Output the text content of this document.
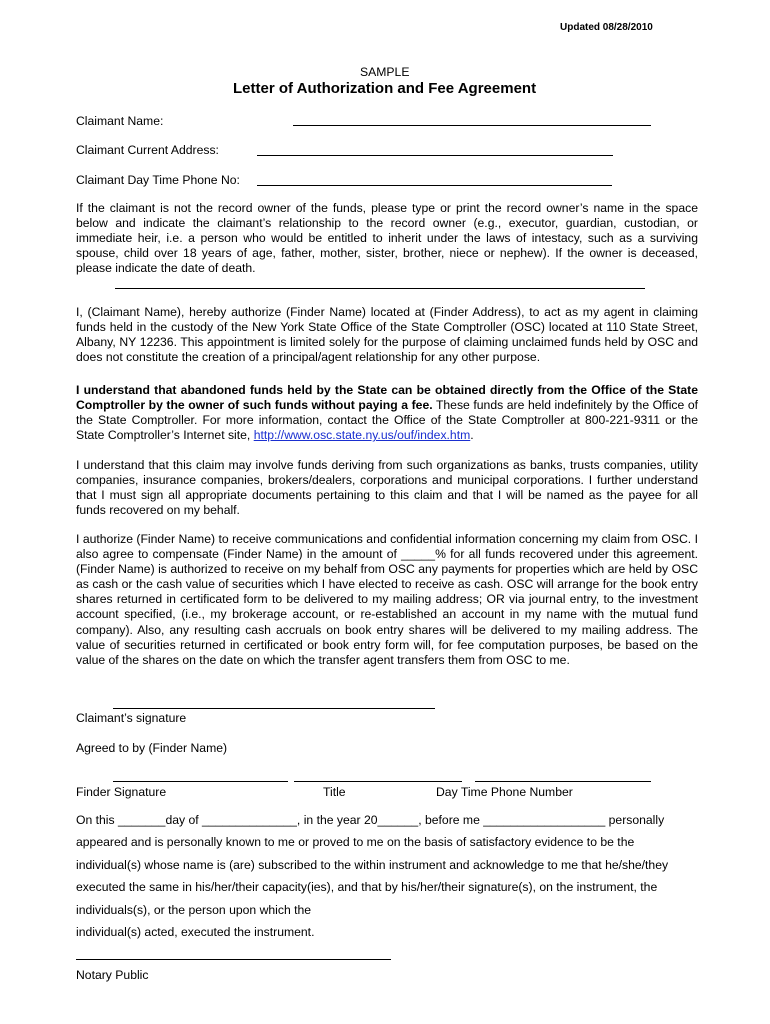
Updated 08/28/2010
SAMPLE
Letter of Authorization and Fee Agreement
Claimant Name:
Claimant Current Address:
Claimant Day Time Phone No:
If the claimant is not the record owner of the funds, please type or print the record owner’s name in the space below and indicate the claimant’s relationship to the record owner (e.g., executor, guardian, custodian, or immediate heir, i.e. a person who would be entitled to inherit under the laws of intestacy, such as a surviving spouse, child over 18 years of age, father, mother, sister, brother, niece or nephew). If the owner is deceased, please indicate the date of death.
I, (Claimant Name), hereby authorize (Finder Name) located at (Finder Address), to act as my agent in claiming funds held in the custody of the New York State Office of the State Comptroller (OSC) located at 110 State Street, Albany, NY 12236. This appointment is limited solely for the purpose of claiming unclaimed funds held by OSC and does not constitute the creation of a principal/agent relationship for any other purpose.
I understand that abandoned funds held by the State can be obtained directly from the Office of the State Comptroller by the owner of such funds without paying a fee. These funds are held indefinitely by the Office of the State Comptroller. For more information, contact the Office of the State Comptroller at 800-221-9311 or the State Comptroller’s Internet site, http://www.osc.state.ny.us/ouf/index.htm.
I understand that this claim may involve funds deriving from such organizations as banks, trusts companies, utility companies, insurance companies, brokers/dealers, corporations and municipal corporations. I further understand that I must sign all appropriate documents pertaining to this claim and that I will be named as the payee for all funds recovered on my behalf.
I authorize (Finder Name) to receive communications and confidential information concerning my claim from OSC. I also agree to compensate (Finder Name) in the amount of _____% for all funds recovered under this agreement. (Finder Name) is authorized to receive on my behalf from OSC any payments for properties which are held by OSC as cash or the cash value of securities which I have elected to receive as cash. OSC will arrange for the book entry shares returned in certificated form to be delivered to my mailing address; OR via journal entry, to the investment account specified, (i.e., my brokerage account, or re-established an account in my name with the mutual fund company). Also, any resulting cash accruals on book entry shares will be delivered to my mailing address. The value of securities returned in certificated or book entry form will, for fee computation purposes, be based on the value of the shares on the date on which the transfer agent transfers them from OSC to me.
Claimant’s signature
Agreed to by (Finder Name)
Finder Signature	Title	Day Time Phone Number
On this _______day of ______________, in the year 20______, before me __________________ personally
appeared and is personally known to me or proved to me on the basis of satisfactory evidence to be the
individual(s) whose name is (are) subscribed to the within instrument and acknowledge to me that he/she/they
executed the same in his/her/their capacity(ies), and that by his/her/their signature(s), on the instrument, the
individuals(s), or the person upon which the
individual(s) acted, executed the instrument.
Notary Public
